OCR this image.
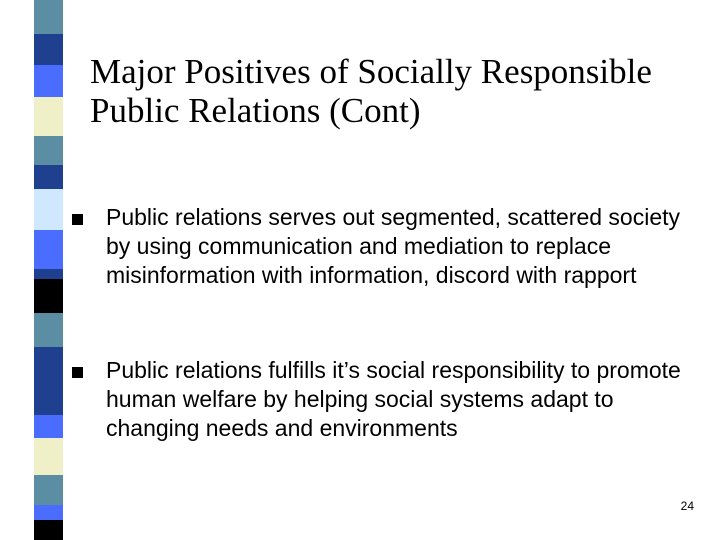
Major Positives of Socially Responsible Public Relations (Cont)
Public relations serves out segmented, scattered society by using communication and mediation to replace misinformation with information, discord with rapport
Public relations fulfills it’s social responsibility to promote human welfare by helping social systems adapt to changing needs and environments
24
